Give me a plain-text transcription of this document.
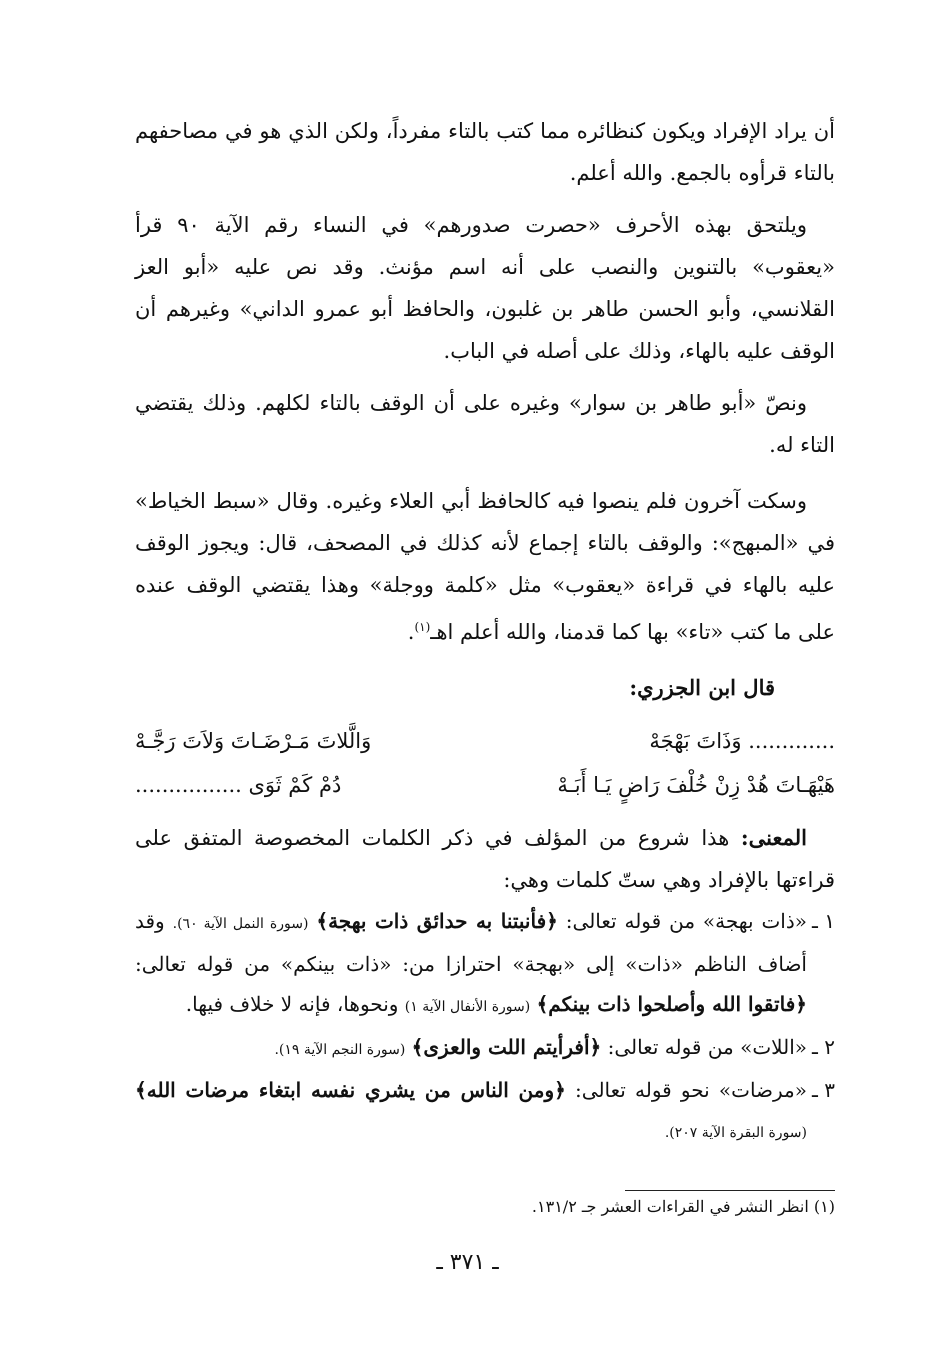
أن يراد الإفراد ويكون كنظائره مما كتب بالتاء مفرداً، ولكن الذي هو في مصاحفهم بالتاء قرأوه بالجمع. والله أعلم.

ويلتحق بهذه الأحرف «حصرت صدورهم» في النساء رقم الآية ٩٠ قرأ «يعقوب» بالتنوين والنصب على أنه اسم مؤنث. وقد نص عليه «أبو العز القلانسي، وأبو الحسن طاهر بن غلبون، والحافظ أبو عمرو الداني» وغيرهم أن الوقف عليه بالهاء، وذلك على أصله في الباب.

ونصّ «أبو طاهر بن سوار» وغيره على أن الوقف بالتاء لكلهم. وذلك يقتضي التاء له.

وسكت آخرون فلم ينصوا فيه كالحافظ أبي العلاء وغيره. وقال «سبط الخياط» في «المبهج»: والوقف بالتاء إجماع لأنه كذلك في المصحف، قال: ويجوز الوقف عليه بالهاء في قراءة «يعقوب» مثل «كلمة ووجلة» وهذا يقتضي الوقف عنده على ما كتب «تاء» بها كما قدمنا، والله أعلم اهـ$^{(١)}$.

قال ابن الجزري:

............. وَذَاتَ بَهْجَهْ
وَالَّلاتَ مَـرْضَـاتَ وَلاَتَ رَجَّـهْ
هَيْهَـاتَ هُدْ زِنْ خُلْفَ رَاضٍ يَـا أَبَـهْ
دُمْ كَمْ ثَوَى ................

المعنى: هذا شروع من المؤلف في ذكر الكلمات المخصوصة المتفق على قراءتها بالإفراد وهي ستّ كلمات وهي:

١ ـ«ذات بهجة» من قوله تعالى: ﴿فأنبتنا به حدائق ذات بهجة﴾ (سورة النمل الآية ٦٠). وقد أضاف الناظم «ذات» إلى «بهجة» احترازا من: «ذات بينكم» من قوله تعالى: ﴿فاتقوا الله وأصلحوا ذات بينكم﴾ (سورة الأنفال الآية ١) ونحوها، فإنه لا خلاف فيها.

٢ ـ«اللات» من قوله تعالى: ﴿أفرأيتم اللت والعزى﴾ (سورة النجم الآية ١٩).

٣ ـ«مرضات» نحو قوله تعالى: ﴿ومن الناس من يشري نفسه ابتغاء مرضات الله﴾ (سورة البقرة الآية ٢٠٧).

(١) انظر النشر في القراءات العشر جـ ١٣١/٢.
ـ ٣٧١ ـ
